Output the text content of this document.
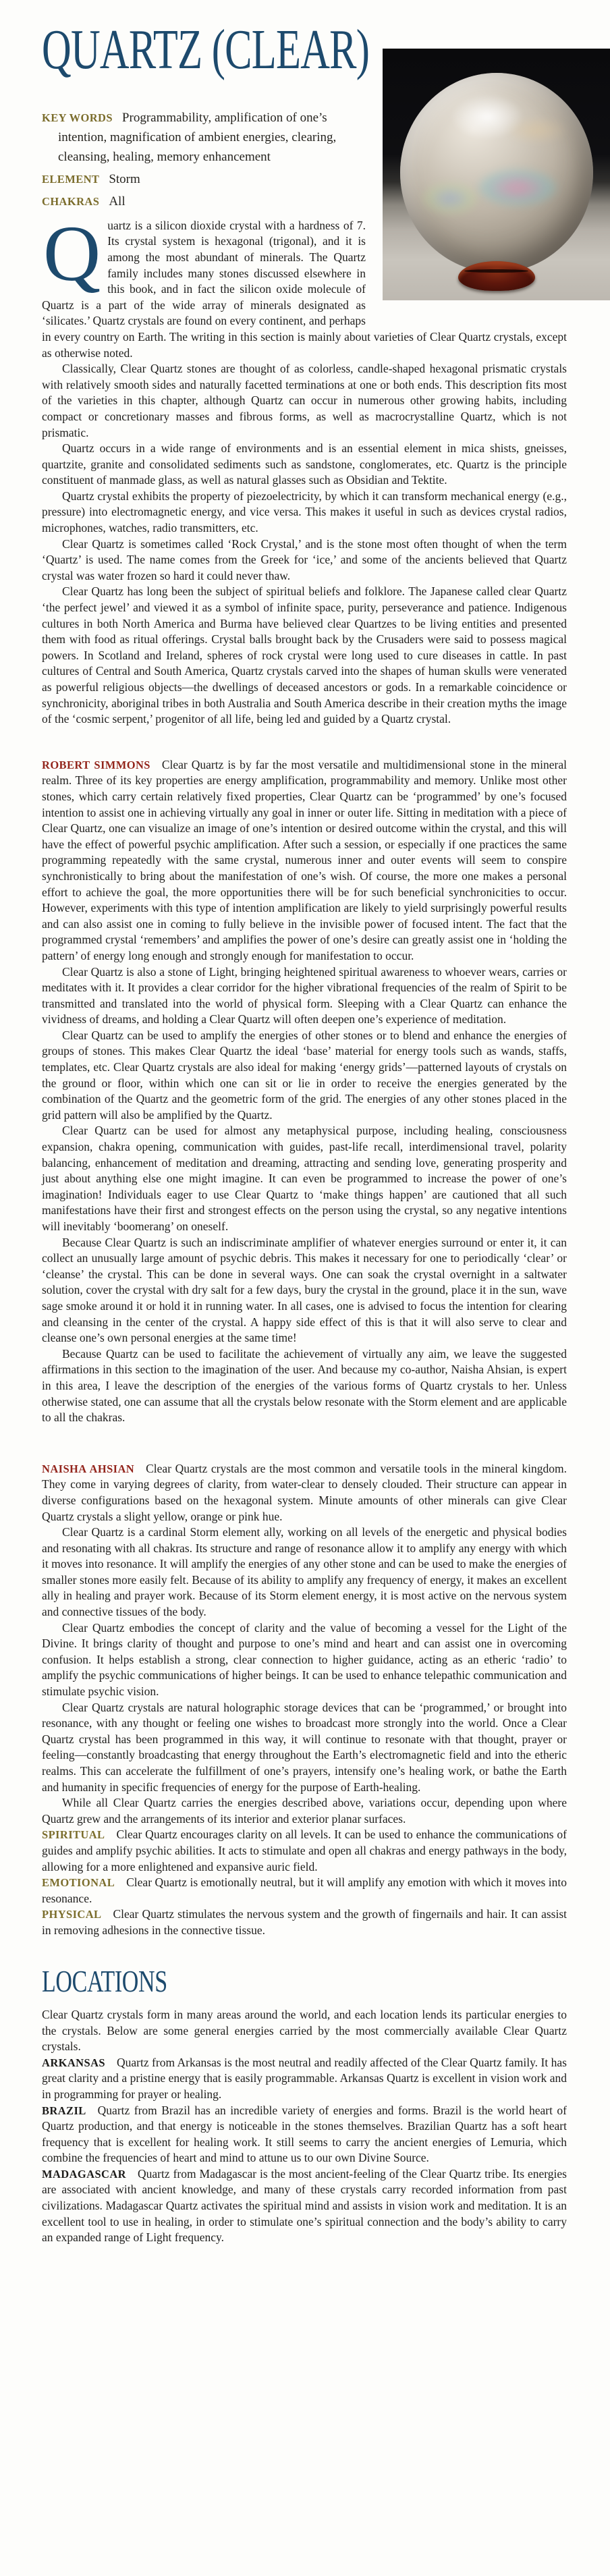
QUARTZ (CLEAR)

KEY WORDS Programmability, amplification of one’s intention, magnification of ambient energies, clearing, cleansing, healing, memory enhancement

ELEMENT Storm

CHAKRAS All

Quartz is a silicon dioxide crystal with a hardness of 7. Its crystal system is hexagonal (trigonal), and it is among the most abundant of minerals. The Quartz family includes many stones discussed elsewhere in this book, and in fact the silicon oxide molecule of Quartz is a part of the wide array of minerals designated as ‘silicates.’ Quartz crystals are found on every continent, and perhaps in every country on Earth. The writing in this section is mainly about varieties of Clear Quartz crystals, except as otherwise noted.

Classically, Clear Quartz stones are thought of as colorless, candle-shaped hexagonal prismatic crystals with relatively smooth sides and naturally facetted terminations at one or both ends. This description fits most of the varieties in this chapter, although Quartz can occur in numerous other growing habits, including compact or concretionary masses and fibrous forms, as well as macrocrystalline Quartz, which is not prismatic.

Quartz occurs in a wide range of environments and is an essential element in mica shists, gneisses, quartzite, granite and consolidated sediments such as sandstone, conglomerates, etc. Quartz is the principle constituent of manmade glass, as well as natural glasses such as Obsidian and Tektite.

Quartz crystal exhibits the property of piezoelectricity, by which it can transform mechanical energy (e.g., pressure) into electromagnetic energy, and vice versa. This makes it useful in such as devices crystal radios, microphones, watches, radio transmitters, etc.

Clear Quartz is sometimes called ‘Rock Crystal,’ and is the stone most often thought of when the term ‘Quartz’ is used. The name comes from the Greek for ‘ice,’ and some of the ancients believed that Quartz crystal was water frozen so hard it could never thaw.

Clear Quartz has long been the subject of spiritual beliefs and folklore. The Japanese called clear Quartz ‘the perfect jewel’ and viewed it as a symbol of infinite space, purity, perseverance and patience. Indigenous cultures in both North America and Burma have believed clear Quartzes to be living entities and presented them with food as ritual offerings. Crystal balls brought back by the Crusaders were said to possess magical powers. In Scotland and Ireland, spheres of rock crystal were long used to cure diseases in cattle. In past cultures of Central and South America, Quartz crystals carved into the shapes of human skulls were venerated as powerful religious objects—the dwellings of deceased ancestors or gods. In a remarkable coincidence or synchronicity, aboriginal tribes in both Australia and South America describe in their creation myths the image of the ‘cosmic serpent,’ progenitor of all life, being led and guided by a Quartz crystal.

ROBERT SIMMONS Clear Quartz is by far the most versatile and multidimensional stone in the mineral realm. Three of its key properties are energy amplification, programmability and memory. Unlike most other stones, which carry certain relatively fixed properties, Clear Quartz can be ‘programmed’ by one’s focused intention to assist one in achieving virtually any goal in inner or outer life. Sitting in meditation with a piece of Clear Quartz, one can visualize an image of one’s intention or desired outcome within the crystal, and this will have the effect of powerful psychic amplification. After such a session, or especially if one practices the same programming repeatedly with the same crystal, numerous inner and outer events will seem to conspire synchronistically to bring about the manifestation of one’s wish. Of course, the more one makes a personal effort to achieve the goal, the more opportunities there will be for such beneficial synchronicities to occur. However, experiments with this type of intention amplification are likely to yield surprisingly powerful results and can also assist one in coming to fully believe in the invisible power of focused intent. The fact that the programmed crystal ‘remembers’ and amplifies the power of one’s desire can greatly assist one in ‘holding the pattern’ of energy long enough and strongly enough for manifestation to occur.

Clear Quartz is also a stone of Light, bringing heightened spiritual awareness to whoever wears, carries or meditates with it. It provides a clear corridor for the higher vibrational frequencies of the realm of Spirit to be transmitted and translated into the world of physical form. Sleeping with a Clear Quartz can enhance the vividness of dreams, and holding a Clear Quartz will often deepen one’s experience of meditation.

Clear Quartz can be used to amplify the energies of other stones or to blend and enhance the energies of groups of stones. This makes Clear Quartz the ideal ‘base’ material for energy tools such as wands, staffs, templates, etc. Clear Quartz crystals are also ideal for making ‘energy grids’—patterned layouts of crystals on the ground or floor, within which one can sit or lie in order to receive the energies generated by the combination of the Quartz and the geometric form of the grid. The energies of any other stones placed in the grid pattern will also be amplified by the Quartz.

Clear Quartz can be used for almost any metaphysical purpose, including healing, consciousness expansion, chakra opening, communication with guides, past-life recall, interdimensional travel, polarity balancing, enhancement of meditation and dreaming, attracting and sending love, generating prosperity and just about anything else one might imagine. It can even be programmed to increase the power of one’s imagination! Individuals eager to use Clear Quartz to ‘make things happen’ are cautioned that all such manifestations have their first and strongest effects on the person using the crystal, so any negative intentions will inevitably ‘boomerang’ on oneself.

Because Clear Quartz is such an indiscriminate amplifier of whatever energies surround or enter it, it can collect an unusually large amount of psychic debris. This makes it necessary for one to periodically ‘clear’ or ‘cleanse’ the crystal. This can be done in several ways. One can soak the crystal overnight in a saltwater solution, cover the crystal with dry salt for a few days, bury the crystal in the ground, place it in the sun, wave sage smoke around it or hold it in running water. In all cases, one is advised to focus the intention for clearing and cleansing in the center of the crystal. A happy side effect of this is that it will also serve to clear and cleanse one’s own personal energies at the same time!

Because Quartz can be used to facilitate the achievement of virtually any aim, we leave the suggested affirmations in this section to the imagination of the user. And because my co-author, Naisha Ahsian, is expert in this area, I leave the description of the energies of the various forms of Quartz crystals to her. Unless otherwise stated, one can assume that all the crystals below resonate with the Storm element and are applicable to all the chakras.

NAISHA AHSIAN Clear Quartz crystals are the most common and versatile tools in the mineral kingdom. They come in varying degrees of clarity, from water-clear to densely clouded. Their structure can appear in diverse configurations based on the hexagonal system. Minute amounts of other minerals can give Clear Quartz crystals a slight yellow, orange or pink hue.

Clear Quartz is a cardinal Storm element ally, working on all levels of the energetic and physical bodies and resonating with all chakras. Its structure and range of resonance allow it to amplify any energy with which it moves into resonance. It will amplify the energies of any other stone and can be used to make the energies of smaller stones more easily felt. Because of its ability to amplify any frequency of energy, it makes an excellent ally in healing and prayer work. Because of its Storm element energy, it is most active on the nervous system and connective tissues of the body.

Clear Quartz embodies the concept of clarity and the value of becoming a vessel for the Light of the Divine. It brings clarity of thought and purpose to one’s mind and heart and can assist one in overcoming confusion. It helps establish a strong, clear connection to higher guidance, acting as an etheric ‘radio’ to amplify the psychic communications of higher beings. It can be used to enhance telepathic communication and stimulate psychic vision.

Clear Quartz crystals are natural holographic storage devices that can be ‘programmed,’ or brought into resonance, with any thought or feeling one wishes to broadcast more strongly into the world. Once a Clear Quartz crystal has been programmed in this way, it will continue to resonate with that thought, prayer or feeling—constantly broadcasting that energy throughout the Earth’s electromagnetic field and into the etheric realms. This can accelerate the fulfillment of one’s prayers, intensify one’s healing work, or bathe the Earth and humanity in specific frequencies of energy for the purpose of Earth-healing.

While all Clear Quartz carries the energies described above, variations occur, depending upon where Quartz grew and the arrangements of its interior and exterior planar surfaces.

SPIRITUAL Clear Quartz encourages clarity on all levels. It can be used to enhance the communications of guides and amplify psychic abilities. It acts to stimulate and open all chakras and energy pathways in the body, allowing for a more enlightened and expansive auric field.

EMOTIONAL Clear Quartz is emotionally neutral, but it will amplify any emotion with which it moves into resonance.

PHYSICAL Clear Quartz stimulates the nervous system and the growth of fingernails and hair. It can assist in removing adhesions in the connective tissue.

LOCATIONS

Clear Quartz crystals form in many areas around the world, and each location lends its particular energies to the crystals. Below are some general energies carried by the most commercially available Clear Quartz crystals.

ARKANSAS Quartz from Arkansas is the most neutral and readily affected of the Clear Quartz family. It has great clarity and a pristine energy that is easily programmable. Arkansas Quartz is excellent in vision work and in programming for prayer or healing.

BRAZIL Quartz from Brazil has an incredible variety of energies and forms. Brazil is the world heart of Quartz production, and that energy is noticeable in the stones themselves. Brazilian Quartz has a soft heart frequency that is excellent for healing work. It still seems to carry the ancient energies of Lemuria, which combine the frequencies of heart and mind to attune us to our own Divine Source.

MADAGASCAR Quartz from Madagascar is the most ancient-feeling of the Clear Quartz tribe. Its energies are associated with ancient knowledge, and many of these crystals carry recorded information from past civilizations. Madagascar Quartz activates the spiritual mind and assists in vision work and meditation. It is an excellent tool to use in healing, in order to stimulate one’s spiritual connection and the body’s ability to carry an expanded range of Light frequency.
